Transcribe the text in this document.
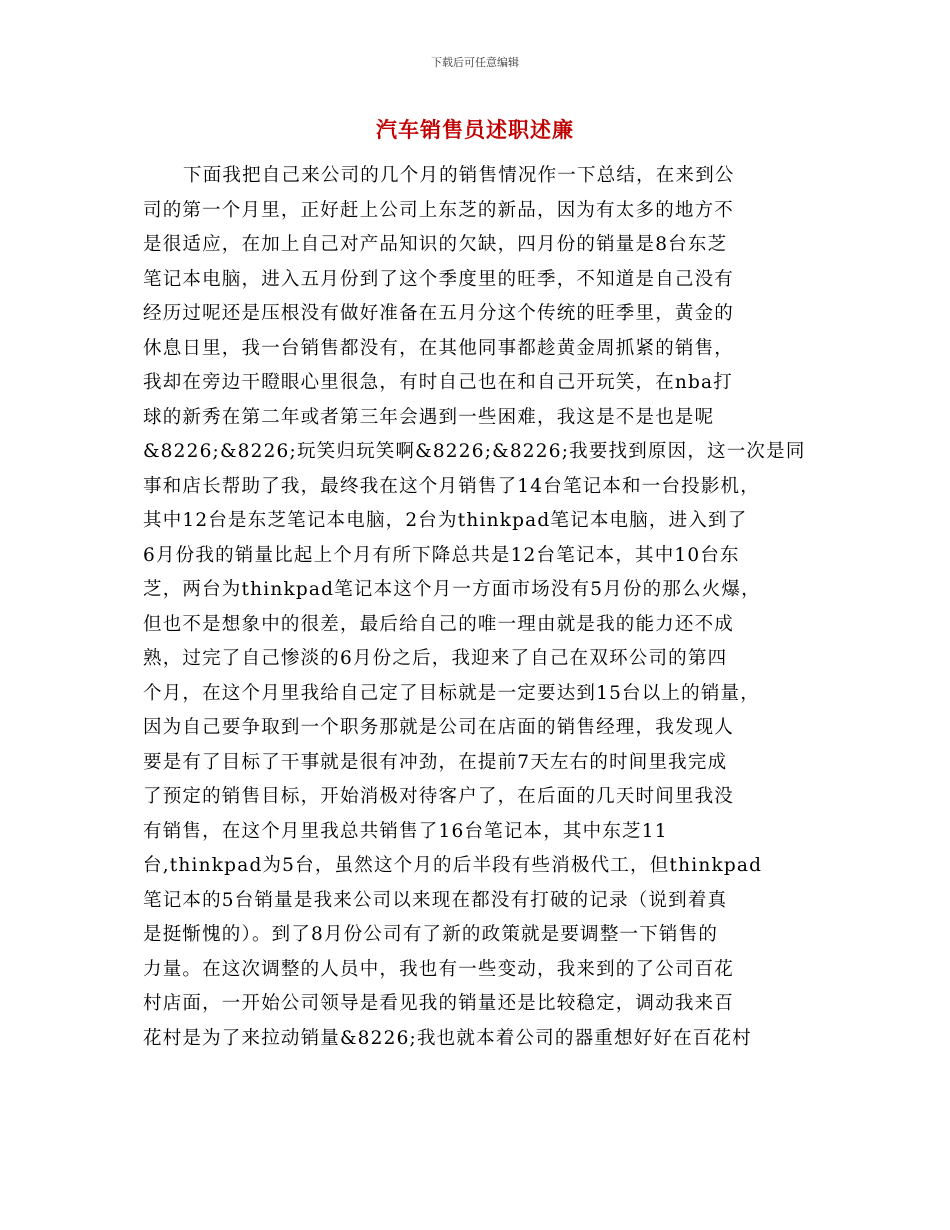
下载后可任意编辑
汽车销售员述职述廉
下面我把自己来公司的几个月的销售情况作一下总结，在来到公
司的第一个月里，正好赶上公司上东芝的新品，因为有太多的地方不
是很适应，在加上自己对产品知识的欠缺，四月份的销量是8台东芝
笔记本电脑，进入五月份到了这个季度里的旺季，不知道是自己没有
经历过呢还是压根没有做好准备在五月分这个传统的旺季里，黄金的
休息日里，我一台销售都没有，在其他同事都趁黄金周抓紧的销售，
我却在旁边干瞪眼心里很急，有时自己也在和自己开玩笑，在nba打
球的新秀在第二年或者第三年会遇到一些困难，我这是不是也是呢
&8226;&8226;玩笑归玩笑啊&8226;&8226;我要找到原因，这一次是同
事和店长帮助了我，最终我在这个月销售了14台笔记本和一台投影机，
其中12台是东芝笔记本电脑，2台为thinkpad笔记本电脑，进入到了
6月份我的销量比起上个月有所下降总共是12台笔记本，其中10台东
芝，两台为thinkpad笔记本这个月一方面市场没有5月份的那么火爆，
但也不是想象中的很差，最后给自己的唯一理由就是我的能力还不成
熟，过完了自己惨淡的6月份之后，我迎来了自己在双环公司的第四
个月，在这个月里我给自己定了目标就是一定要达到15台以上的销量，
因为自己要争取到一个职务那就是公司在店面的销售经理，我发现人
要是有了目标了干事就是很有冲劲，在提前7天左右的时间里我完成
了预定的销售目标，开始消极对待客户了，在后面的几天时间里我没
有销售，在这个月里我总共销售了16台笔记本，其中东芝11
台,thinkpad为5台，虽然这个月的后半段有些消极代工，但thinkpad
笔记本的5台销量是我来公司以来现在都没有打破的记录（说到着真
是挺惭愧的）。到了8月份公司有了新的政策就是要调整一下销售的
力量。在这次调整的人员中，我也有一些变动，我来到的了公司百花
村店面，一开始公司领导是看见我的销量还是比较稳定，调动我来百
花村是为了来拉动销量&8226;我也就本着公司的器重想好好在百花村
